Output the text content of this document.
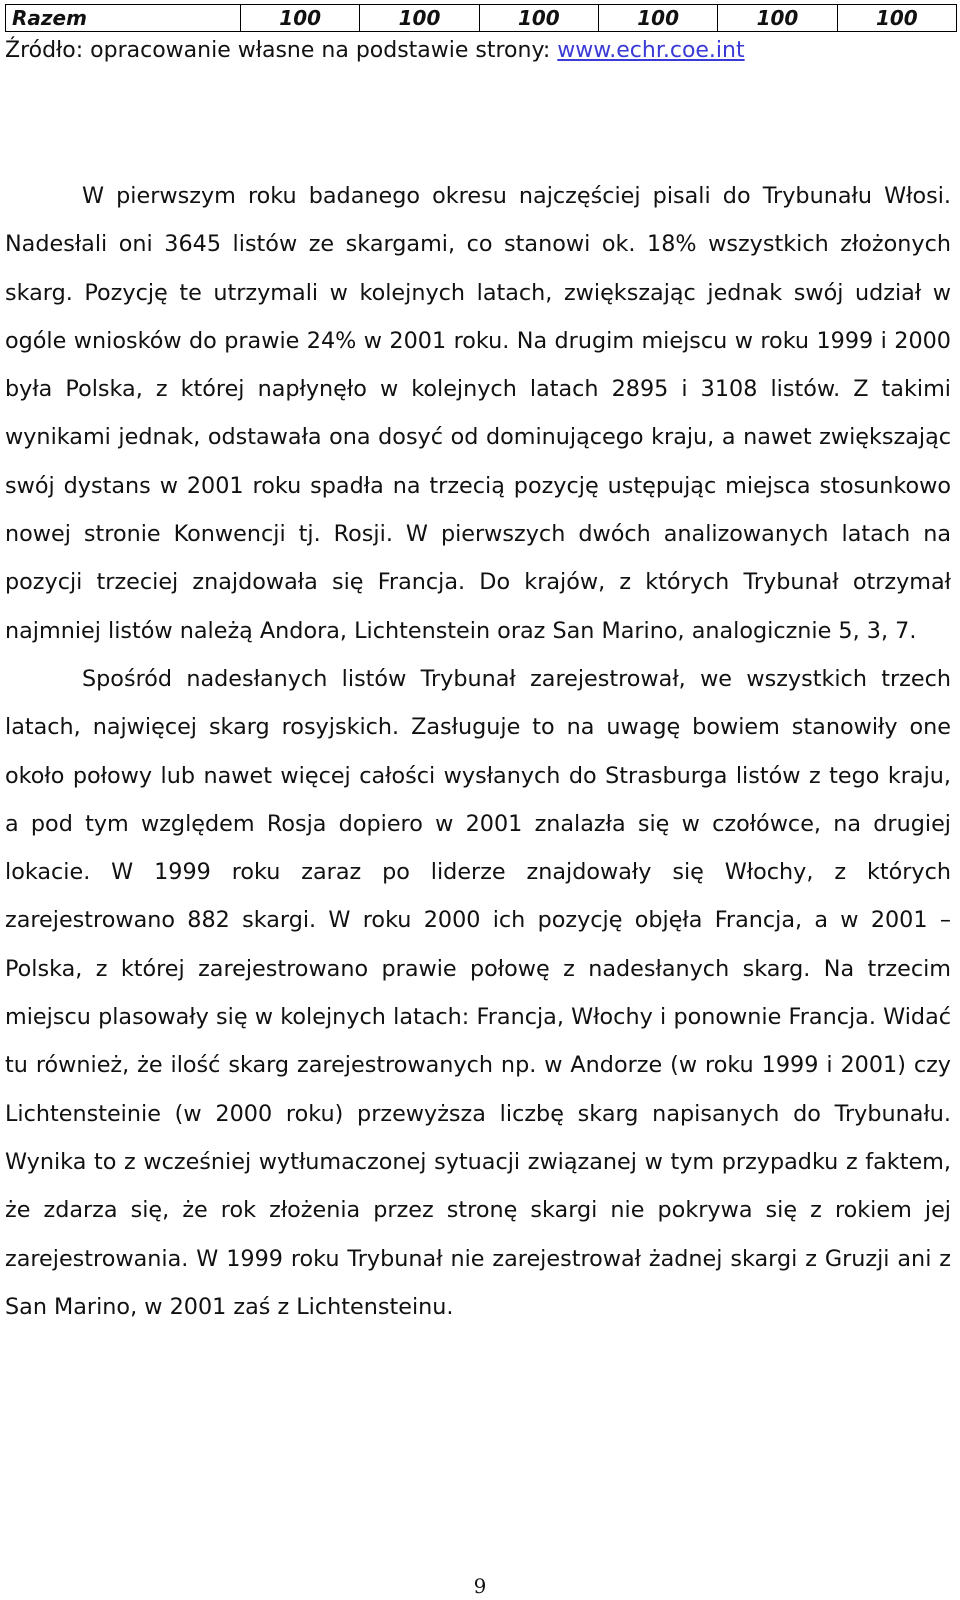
Razem	100	100	100	100	100	100
Źródło: opracowanie własne na podstawie strony: www.echr.coe.int

W pierwszym roku badanego okresu najczęściej pisali do Trybunału Włosi. Nadesłali oni 3645 listów ze skargami, co stanowi ok. 18% wszystkich złożonych skarg. Pozycję te utrzymali w kolejnych latach, zwiększając jednak swój udział w ogóle wniosków do prawie 24% w 2001 roku. Na drugim miejscu w roku 1999 i 2000 była Polska, z której napłynęło w kolejnych latach 2895 i 3108 listów. Z takimi wynikami jednak, odstawała ona dosyć od dominującego kraju, a nawet zwiększając swój dystans w 2001 roku spadła na trzecią pozycję ustępując miejsca stosunkowo nowej stronie Konwencji tj. Rosji. W pierwszych dwóch analizowanych latach na pozycji trzeciej znajdowała się Francja. Do krajów, z których Trybunał otrzymał najmniej listów należą Andora, Lichtenstein oraz San Marino, analogicznie 5, 3, 7.

Spośród nadesłanych listów Trybunał zarejestrował, we wszystkich trzech latach, najwięcej skarg rosyjskich. Zasługuje to na uwagę bowiem stanowiły one około połowy lub nawet więcej całości wysłanych do Strasburga listów z tego kraju, a pod tym względem Rosja dopiero w 2001 znalazła się w czołówce, na drugiej lokacie. W 1999 roku zaraz po liderze znajdowały się Włochy, z których zarejestrowano 882 skargi. W roku 2000 ich pozycję objęła Francja, a w 2001 – Polska, z której zarejestrowano prawie połowę z nadesłanych skarg. Na trzecim miejscu plasowały się w kolejnych latach: Francja, Włochy i ponownie Francja. Widać tu również, że ilość skarg zarejestrowanych np. w Andorze (w roku 1999 i 2001) czy Lichtensteinie (w 2000 roku) przewyższa liczbę skarg napisanych do Trybunału. Wynika to z wcześniej wytłumaczonej sytuacji związanej w tym przypadku z faktem, że zdarza się, że rok złożenia przez stronę skargi nie pokrywa się z rokiem jej zarejestrowania. W 1999 roku Trybunał nie zarejestrował żadnej skargi z Gruzji ani z San Marino, w 2001 zaś z Lichtensteinu.

9
